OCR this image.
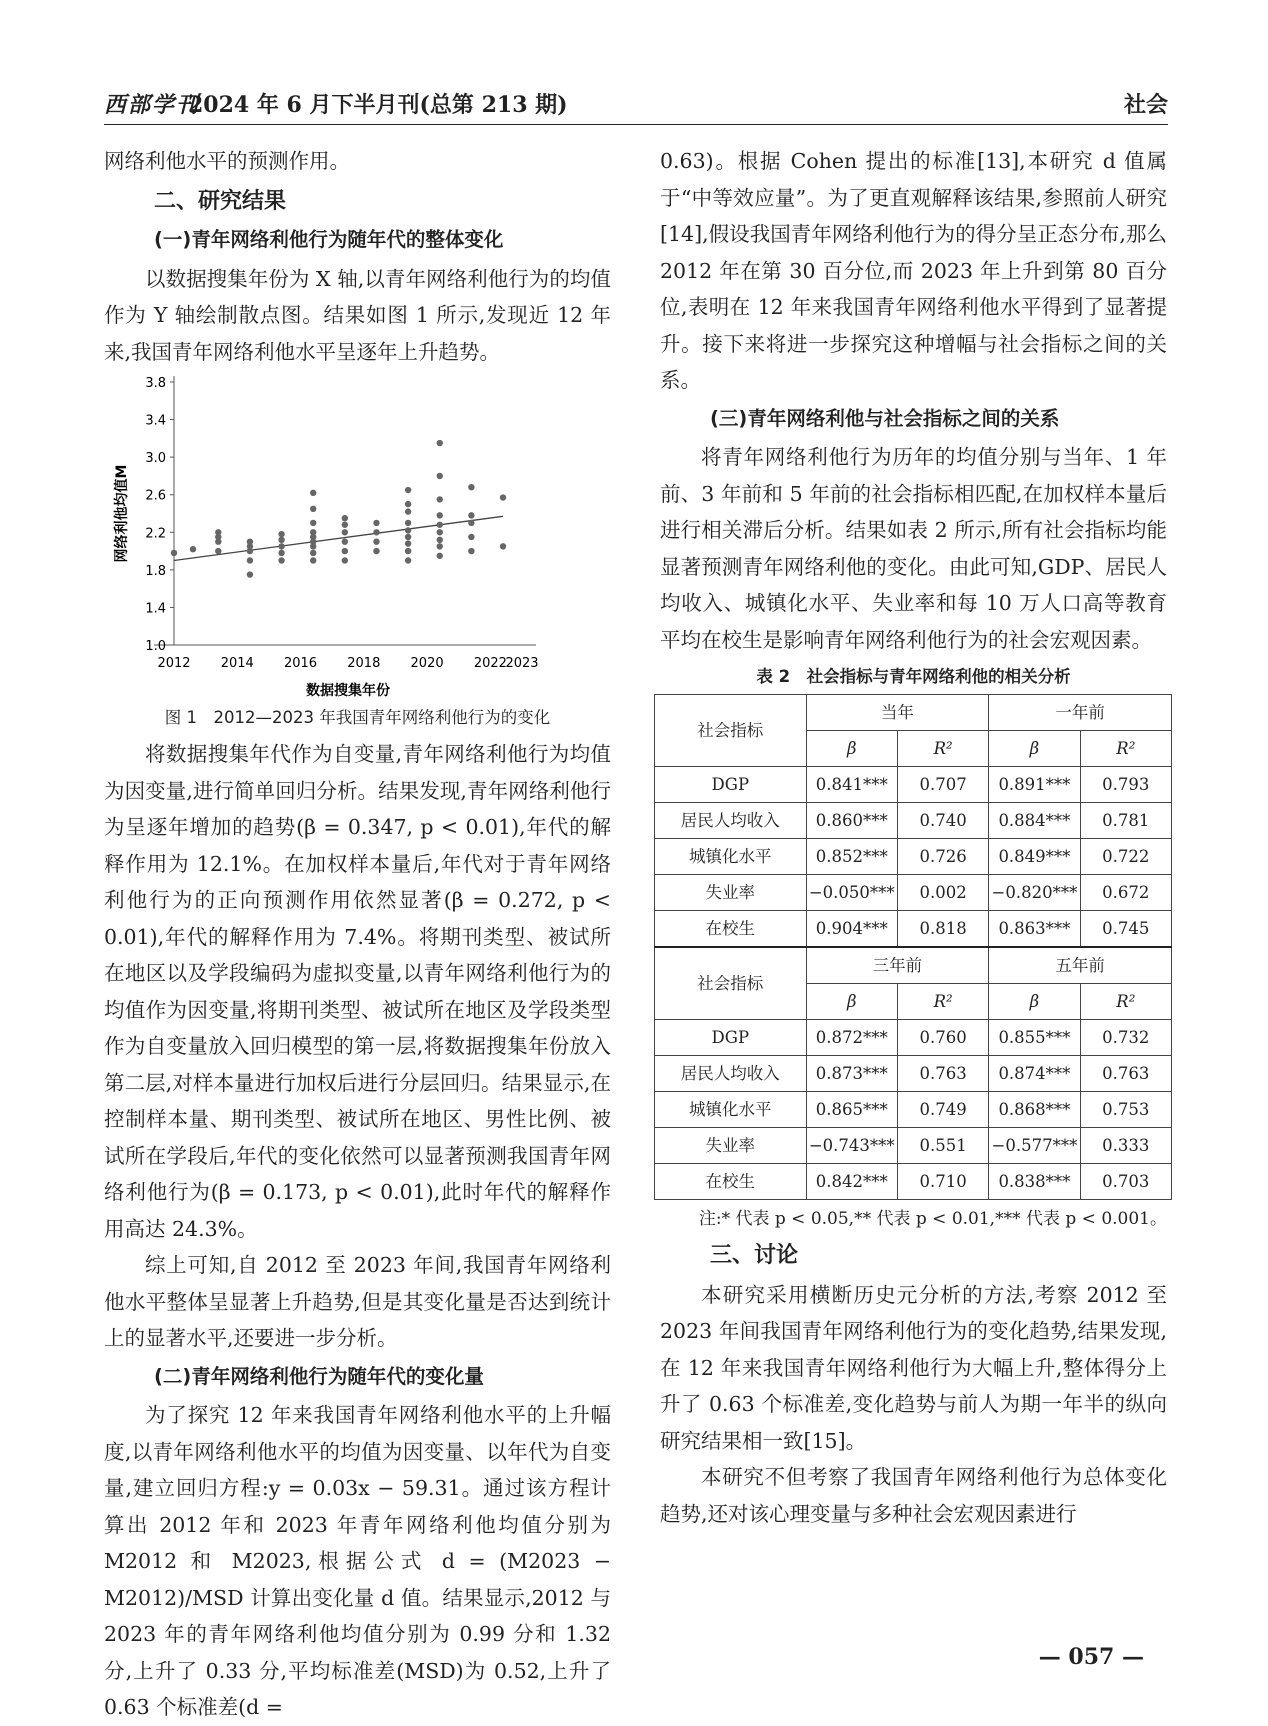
西部学刊
2024 年 6 月下半月刊(总第 213 期)	社会

网络利他水平的预测作用。

二、研究结果
(一)青年网络利他行为随年代的整体变化

以数据搜集年份为 X 轴,以青年网络利他行为的均值作为 Y 轴绘制散点图。结果如图 1 所示,发现近 12 年来,我国青年网络利他水平呈逐年上升趋势。

1.0
1.4
1.8
2.2
2.6
3.0
3.4
3.8
2012 2014 2016 2018 2020 2022
2023
数据搜集年份
网络利他均值M
图 1　2012—2023 年我国青年网络利他行为的变化

将数据搜集年代作为自变量,青年网络利他行为均值为因变量,进行简单回归分析。结果发现,青年网络利他行为呈逐年增加的趋势(β = 0.347, p < 0.01),年代的解释作用为 12.1%。在加权样本量后,年代对于青年网络利他行为的正向预测作用依然显著(β = 0.272, p < 0.01),年代的解释作用为 7.4%。将期刊类型、被试所在地区以及学段编码为虚拟变量,以青年网络利他行为的均值作为因变量,将期刊类型、被试所在地区及学段类型作为自变量放入回归模型的第一层,将数据搜集年份放入第二层,对样本量进行加权后进行分层回归。结果显示,在控制样本量、期刊类型、被试所在地区、男性比例、被试所在学段后,年代的变化依然可以显著预测我国青年网络利他行为(β = 0.173, p < 0.01),此时年代的解释作用高达 24.3%。

综上可知,自 2012 至 2023 年间,我国青年网络利他水平整体呈显著上升趋势,但是其变化量是否达到统计上的显著水平,还要进一步分析。

(二)青年网络利他行为随年代的变化量

为了探究 12 年来我国青年网络利他水平的上升幅度,以青年网络利他水平的均值为因变量、以年代为自变量,建立回归方程:y = 0.03x − 59.31。通过该方程计算出 2012 年和 2023 年青年网络利他均值分别为 M2012 和 M2023,根据公式 d = (M2023 − M2012)/MSD 计算出变化量 d 值。结果显示,2012 与 2023 年的青年网络利他均值分别为 0.99 分和 1.32 分,上升了 0.33 分,平均标准差(MSD)为 0.52,上升了 0.63 个标准差(d =

0.63)。根据 Cohen 提出的标准[13],本研究 d 值属于“中等效应量”。为了更直观解释该结果,参照前人研究[14],假设我国青年网络利他行为的得分呈正态分布,那么 2012 年在第 30 百分位,而 2023 年上升到第 80 百分位,表明在 12 年来我国青年网络利他水平得到了显著提升。接下来将进一步探究这种增幅与社会指标之间的关系。

(三)青年网络利他与社会指标之间的关系

将青年网络利他行为历年的均值分别与当年、1 年前、3 年前和 5 年前的社会指标相匹配,在加权样本量后进行相关滞后分析。结果如表 2 所示,所有社会指标均能显著预测青年网络利他的变化。由此可知,GDP、居民人均收入、城镇化水平、失业率和每 10 万人口高等教育平均在校生是影响青年网络利他行为的社会宏观因素。

表 2　社会指标与青年网络利他的相关分析
社会指标	当年		一年前	
	β	R²	β	R²
DGP	0.841***	0.707	0.891***	0.793
居民人均收入	0.860***	0.740	0.884***	0.781
城镇化水平	0.852***	0.726	0.849***	0.722
失业率	−0.050***	0.002	−0.820***	0.672
在校生	0.904***	0.818	0.863***	0.745
社会指标	三年前		五年前	
	β	R²	β	R²
DGP	0.872***	0.760	0.855***	0.732
居民人均收入	0.873***	0.763	0.874***	0.763
城镇化水平	0.865***	0.749	0.868***	0.753
失业率	−0.743***	0.551	−0.577***	0.333
在校生	0.842***	0.710	0.838***	0.703
注:* 代表 p < 0.05,** 代表 p < 0.01,*** 代表 p < 0.001。
三、讨论

本研究采用横断历史元分析的方法,考察 2012 至 2023 年间我国青年网络利他行为的变化趋势,结果发现,在 12 年来我国青年网络利他行为大幅上升,整体得分上升了 0.63 个标准差,变化趋势与前人为期一年半的纵向研究结果相一致[15]。

本研究不但考察了我国青年网络利他行为总体变化趋势,还对该心理变量与多种社会宏观因素进行

— 057 —
